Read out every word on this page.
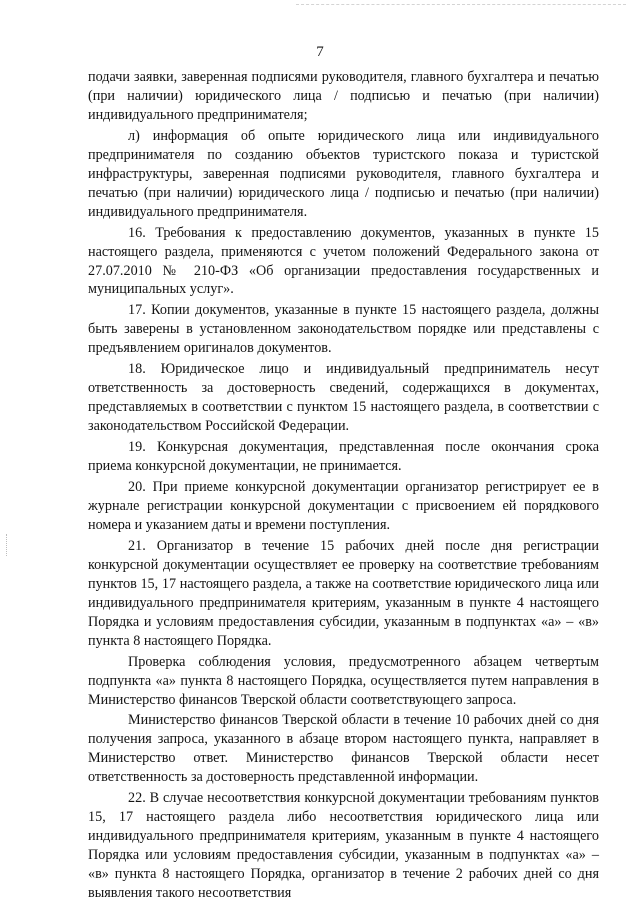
7

подачи заявки, заверенная подписями руководителя, главного бухгалтера и печатью (при наличии) юридического лица / подписью и печатью (при наличии) индивидуального предпринимателя;

л) информация об опыте юридического лица или индивидуального предпринимателя по созданию объектов туристского показа и туристской инфраструктуры, заверенная подписями руководителя, главного бухгалтера и печатью (при наличии) юридического лица / подписью и печатью (при наличии) индивидуального предпринимателя.

16. Требования к предоставлению документов, указанных в пункте 15 настоящего раздела, применяются с учетом положений Федерального закона от 27.07.2010 № 210-ФЗ «Об организации предоставления государственных и муниципальных услуг».

17. Копии документов, указанные в пункте 15 настоящего раздела, должны быть заверены в установленном законодательством порядке или представлены с предъявлением оригиналов документов.

18. Юридическое лицо и индивидуальный предприниматель несут ответственность за достоверность сведений, содержащихся в документах, представляемых в соответствии с пунктом 15 настоящего раздела, в соответствии с законодательством Российской Федерации.

19. Конкурсная документация, представленная после окончания срока приема конкурсной документации, не принимается.

20. При приеме конкурсной документации организатор регистрирует ее в журнале регистрации конкурсной документации с присвоением ей порядкового номера и указанием даты и времени поступления.

21. Организатор в течение 15 рабочих дней после дня регистрации конкурсной документации осуществляет ее проверку на соответствие требованиям пунктов 15, 17 настоящего раздела, а также на соответствие юридического лица или индивидуального предпринимателя критериям, указанным в пункте 4 настоящего Порядка и условиям предоставления субсидии, указанным в подпунктах «а» – «в» пункта 8 настоящего Порядка.

Проверка соблюдения условия, предусмотренного абзацем четвертым подпункта «а» пункта 8 настоящего Порядка, осуществляется путем направления в Министерство финансов Тверской области соответствующего запроса.

Министерство финансов Тверской области в течение 10 рабочих дней со дня получения запроса, указанного в абзаце втором настоящего пункта, направляет в Министерство ответ. Министерство финансов Тверской области несет ответственность за достоверность представленной информации.

22. В случае несоответствия конкурсной документации требованиям пунктов 15, 17 настоящего раздела либо несоответствия юридического лица или индивидуального предпринимателя критериям, указанным в пункте 4 настоящего Порядка или условиям предоставления субсидии, указанным в подпунктах «а» – «в» пункта 8 настоящего Порядка, организатор в течение 2 рабочих дней со дня выявления такого несоответствия
